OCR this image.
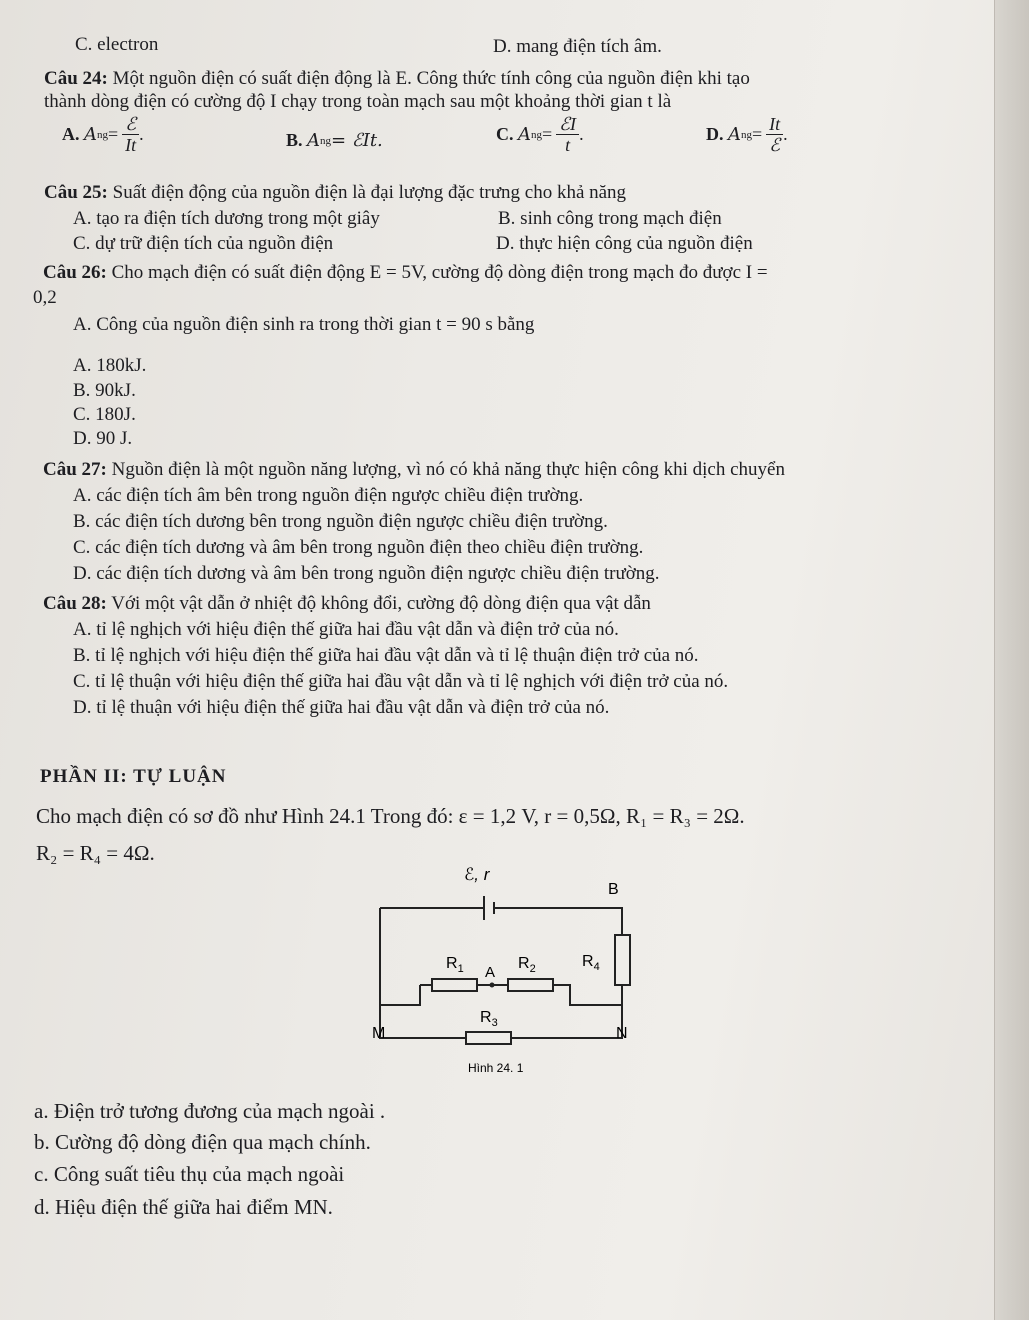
C. electron	D. mang điện tích âm.
Câu 24: Một nguồn điện có suất điện động là E. Công thức tính công của nguồn điện khi tạo
thành dòng điện có cường độ I chạy trong toàn mạch sau một khoảng thời gian t là
A.
A ng = $\frac{\text{ℰ}}{It}$ .	B.
A ng = ℰIt.	C.
A ng = $\frac{\text{ℰI}}{t}$ .	D.
A ng = $\frac{It}{\text{ℰ}}$ .
Câu 25: Suất điện động của nguồn điện là đại lượng đặc trưng cho khả năng
A. tạo ra điện tích dương trong một giây	B. sinh công trong mạch điện
C. dự trữ điện tích của nguồn điện	D. thực hiện công của nguồn điện
Câu 26: Cho mạch điện có suất điện động E = 5V, cường độ dòng điện trong mạch đo được I =
0,2
A. Công của nguồn điện sinh ra trong thời gian t = 90 s bằng
A. 180kJ.
B. 90kJ.
C. 180J.
D. 90 J.
Câu 27: Nguồn điện là một nguồn năng lượng, vì nó có khả năng thực hiện công khi dịch chuyển
A. các điện tích âm bên trong nguồn điện ngược chiều điện trường.
B. các điện tích dương bên trong nguồn điện ngược chiều điện trường.
C. các điện tích dương và âm bên trong nguồn điện theo chiều điện trường.
D. các điện tích dương và âm bên trong nguồn điện ngược chiều điện trường.
Câu 28: Với một vật dẫn ở nhiệt độ không đổi, cường độ dòng điện qua vật dẫn
A. tỉ lệ nghịch với hiệu điện thế giữa hai đầu vật dẫn và điện trở của nó.
B. tỉ lệ nghịch với hiệu điện thế giữa hai đầu vật dẫn và tỉ lệ thuận điện trở của nó.
C. tỉ lệ thuận với hiệu điện thế giữa hai đầu vật dẫn và tỉ lệ nghịch với điện trở của nó.
D. tỉ lệ thuận với hiệu điện thế giữa hai đầu vật dẫn và điện trở của nó.
PHẦN II: TỰ LUẬN
Cho mạch điện có sơ đồ như Hình 24.1 Trong đó: ε = 1,2 V, r = 0,5Ω, R₁ = R₃ = 2Ω.
R₂ = R₄ = 4Ω.
ℰ, r
B
$R_1$ A
$R_2$	$R_4$
$R_3$
M	N
Hình 24. 1
a. Điện trở tương đương của mạch ngoài .
b. Cường độ dòng điện qua mạch chính.
c. Công suất tiêu thụ của mạch ngoài
d. Hiệu điện thế giữa hai điểm MN.
